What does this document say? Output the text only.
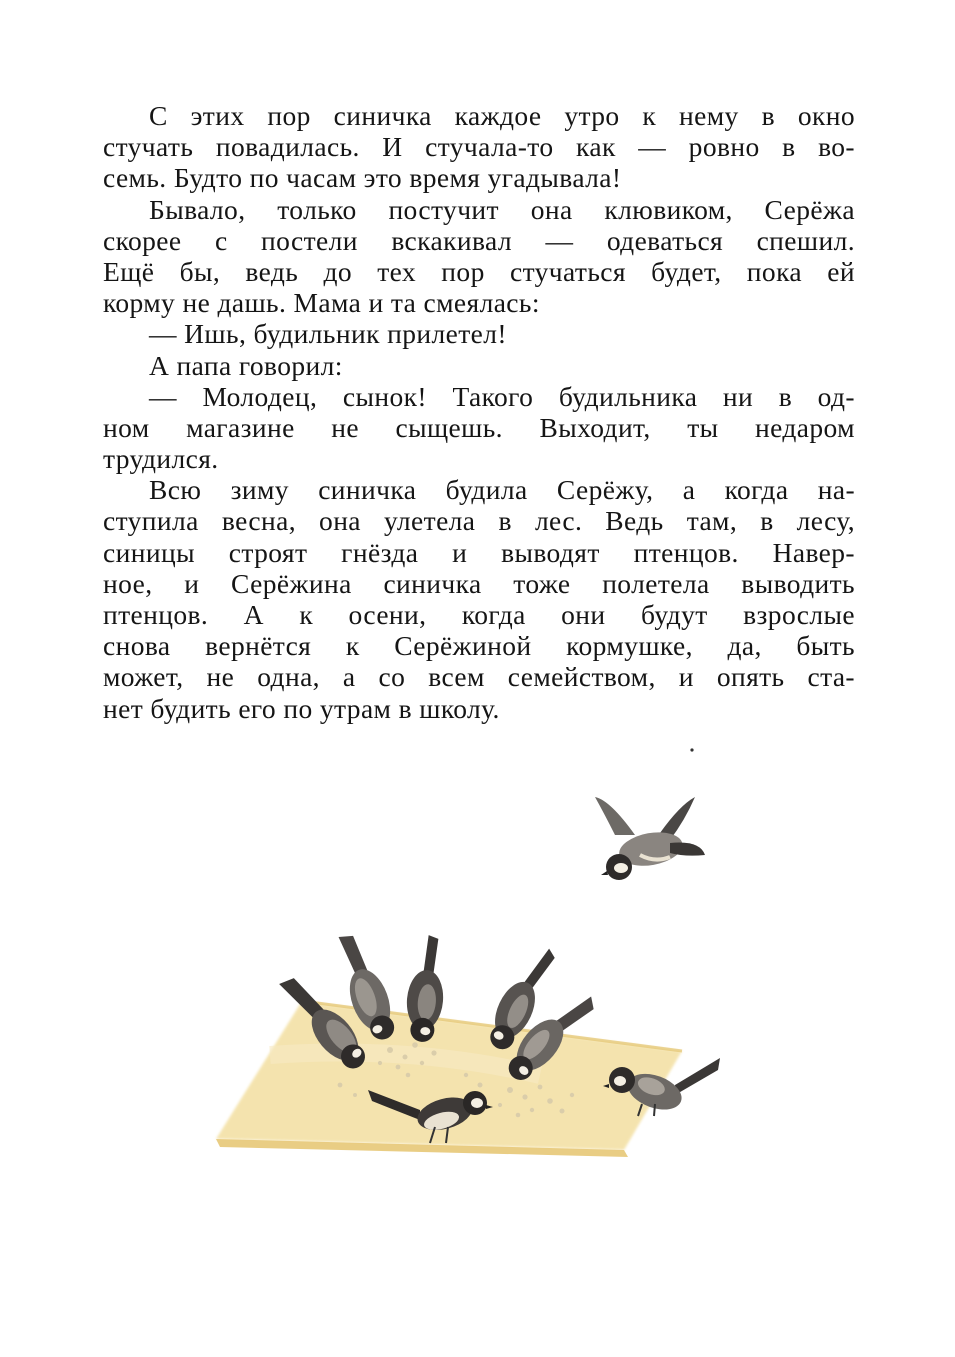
С этих пор синичка каждое утро к нему в окно
стучать повадилась. И стучала-то как — ровно в во-
семь. Будто по часам это время угадывала!
Бывало, только постучит она клювиком, Серёжа
скорее с постели вскакивал — одеваться спешил.
Ещё бы, ведь до тех пор стучаться будет, пока ей
корму не дашь. Мама и та смеялась:
— Ишь, будильник прилетел!
А папа говорил:
— Молодец, сынок! Такого будильника ни в од-
ном магазине не сыщешь. Выходит, ты недаром
трудился.
Всю зиму синичка будила Серёжу, а когда на-
ступила весна, она улетела в лес. Ведь там, в лесу,
синицы строят гнёзда и выводят птенцов. Навер-
ное, и Серёжина синичка тоже полетела выводить
птенцов. А к осени, когда они будут взрослые
снова вернётся к Серёжиной кормушке, да, быть
может, не одна, а со всем семейством, и опять ста-
нет будить его по утрам в школу.
